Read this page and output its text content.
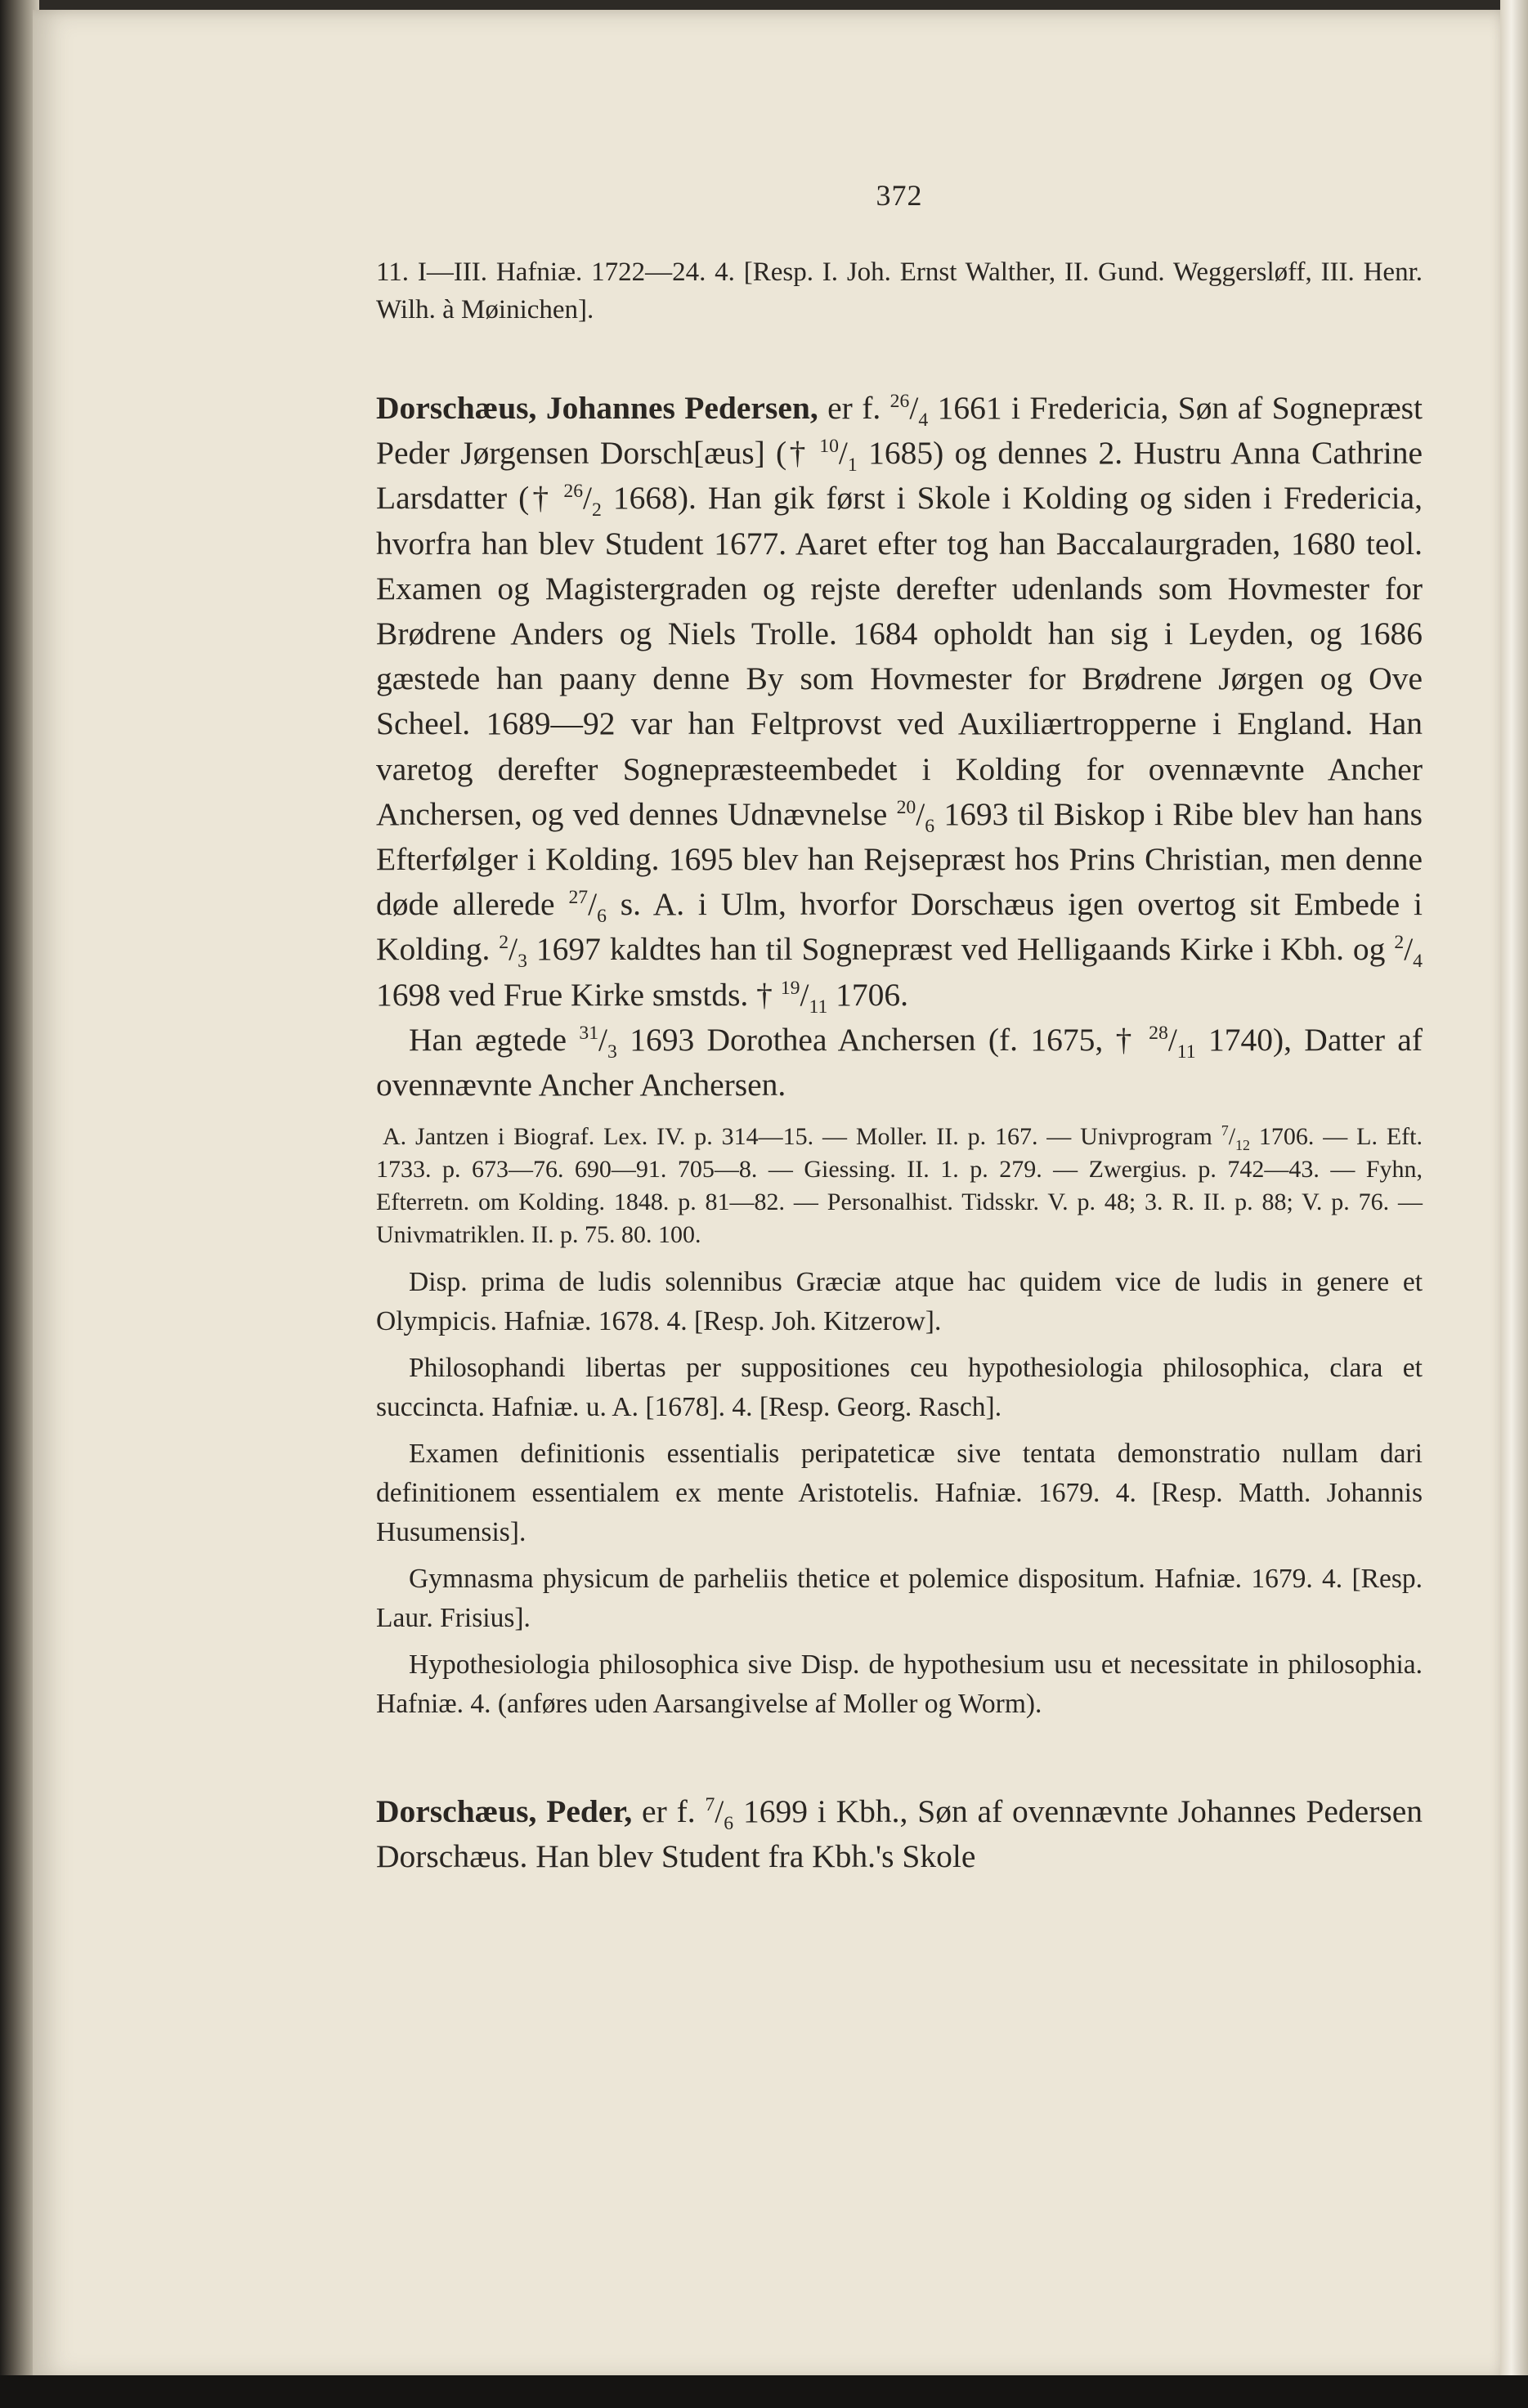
372

11. I—III. Hafniæ. 1722—24. 4. [Resp. I. Joh. Ernst Walther, II. Gund. Weggersløff, III. Henr. Wilh. à Møinichen].

Dorschæus, Johannes Pedersen, er f. $^{26}/_4$ 1661 i Fredericia, Søn af Sognepræst Peder Jørgensen Dorsch[æus] († $^{10}/_1$ 1685) og dennes 2. Hustru Anna Cathrine Larsdatter († $^{26}/_2$ 1668). Han gik først i Skole i Kolding og siden i Fredericia, hvorfra han blev Student 1677. Aaret efter tog han Baccalaurgraden, 1680 teol. Examen og Magistergraden og rejste derefter udenlands som Hovmester for Brødrene Anders og Niels Trolle. 1684 opholdt han sig i Leyden, og 1686 gæstede han paany denne By som Hovmester for Brødrene Jørgen og Ove Scheel. 1689—92 var han Feltprovst ved Auxiliærtropperne i England. Han varetog derefter Sognepræsteembedet i Kolding for ovennævnte Ancher Anchersen, og ved dennes Udnævnelse $^{20}/_6$ 1693 til Biskop i Ribe blev han hans Efterfølger i Kolding. 1695 blev han Rejsepræst hos Prins Christian, men denne døde allerede $^{27}/_6$ s. A. i Ulm, hvorfor Dorschæus igen overtog sit Embede i Kolding. $^2/_3$ 1697 kaldtes han til Sognepræst ved Helligaands Kirke i Kbh. og $^2/_4$ 1698 ved Frue Kirke smstds. † $^{19}/_{11}$ 1706.

Han ægtede $^{31}/_3$ 1693 Dorothea Anchersen (f. 1675, † $^{28}/_{11}$ 1740), Datter af ovennævnte Ancher Anchersen.

A. Jantzen i Biograf. Lex. IV. p. 314—15. — Moller. II. p. 167. — Univprogram $^7/_{12}$ 1706. — L. Eft. 1733. p. 673—76. 690—91. 705—8. — Giessing. II. 1. p. 279. — Zwergius. p. 742—43. — Fyhn, Efterretn. om Kolding. 1848. p. 81—82. — Personalhist. Tidsskr. V. p. 48; 3. R. II. p. 88; V. p. 76. — Univmatriklen. II. p. 75. 80. 100.

Disp. prima de ludis solennibus Græciæ atque hac quidem vice de ludis in genere et Olympicis. Hafniæ. 1678. 4. [Resp. Joh. Kitzerow].

Philosophandi libertas per suppositiones ceu hypothesiologia philosophica, clara et succincta. Hafniæ. u. A. [1678]. 4. [Resp. Georg. Rasch].

Examen definitionis essentialis peripateticæ sive tentata demonstratio nullam dari definitionem essentialem ex mente Aristotelis. Hafniæ. 1679. 4. [Resp. Matth. Johannis Husumensis].

Gymnasma physicum de parheliis thetice et polemice dispositum. Hafniæ. 1679. 4. [Resp. Laur. Frisius].

Hypothesiologia philosophica sive Disp. de hypothesium usu et necessitate in philosophia. Hafniæ. 4. (anføres uden Aarsangivelse af Moller og Worm).

Dorschæus, Peder, er f. $^7/_6$ 1699 i Kbh., Søn af ovennævnte Johannes Pedersen Dorschæus. Han blev Student fra Kbh.'s Skole
